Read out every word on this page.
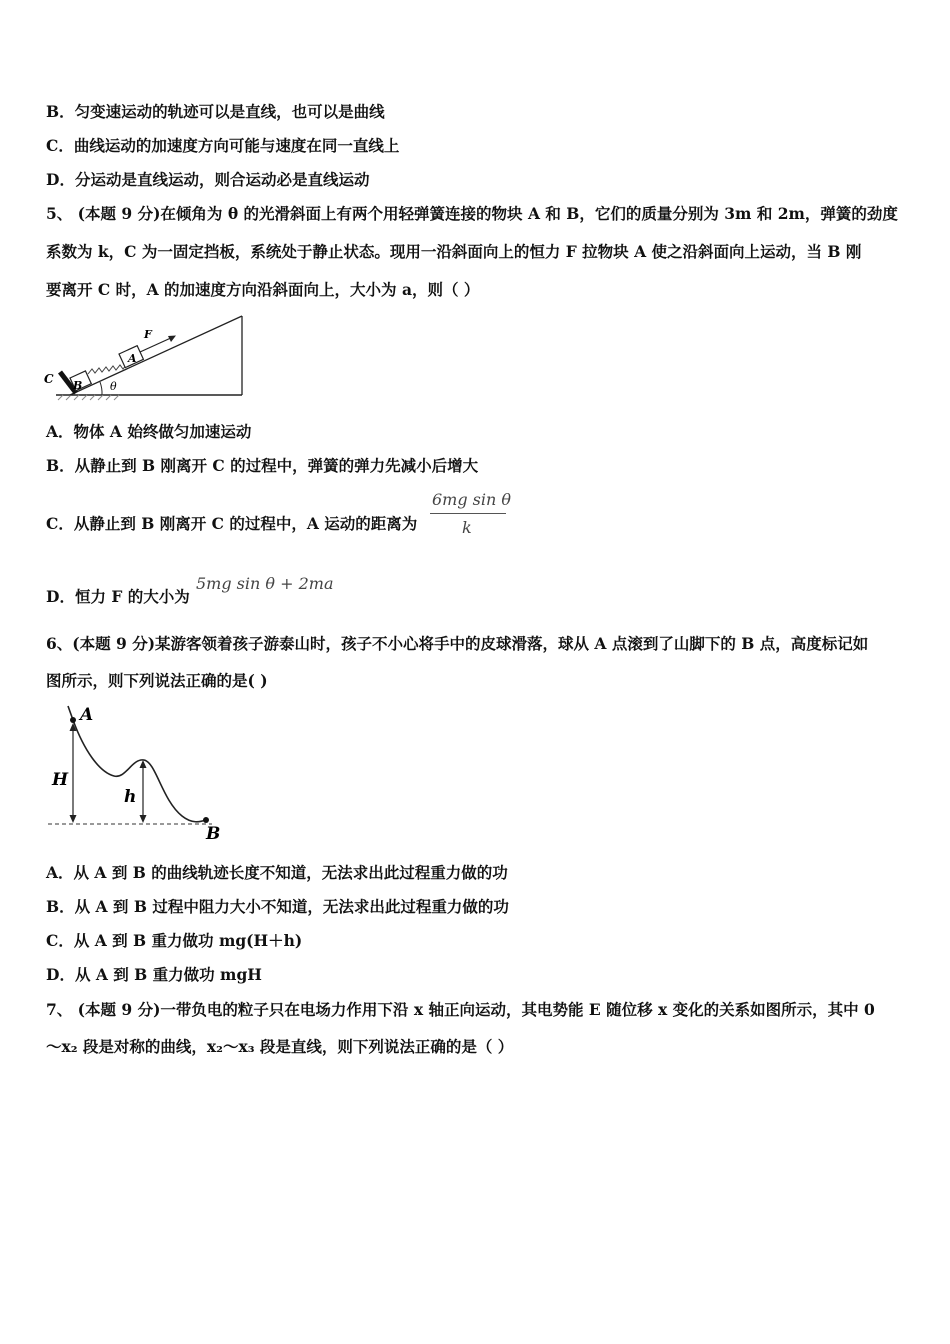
B．匀变速运动的轨迹可以是直线，也可以是曲线
C．曲线运动的加速度方向可能与速度在同一直线上
D．分运动是直线运动，则合运动必是直线运动
5、 (本题 9 分)在倾角为 θ 的光滑斜面上有两个用轻弹簧连接的物块 A 和 B，它们的质量分别为 3m 和 2m，弹簧的劲度
系数为 k，C 为一固定挡板，系统处于静止状态。现用一沿斜面向上的恒力 F 拉物块 A 使之沿斜面向上运动，当 B 刚
要离开 C 时，A 的加速度方向沿斜面向上，大小为 a，则（ ）
θ
C B
A
F
A．物体 A 始终做匀加速运动
B．从静止到 B 刚离开 C 的过程中，弹簧的弹力先减小后增大
C．从静止到 B 刚离开 C 的过程中，A 运动的距离为
6mg sin θ
k
D．恒力 F 的大小为
5mg sin θ + 2ma
6、(本题 9 分)某游客领着孩子游泰山时，孩子不小心将手中的皮球滑落，球从 A 点滚到了山脚下的 B 点，高度标记如
图所示，则下列说法正确的是( )
A
B
H
h
A．从 A 到 B 的曲线轨迹长度不知道，无法求出此过程重力做的功
B．从 A 到 B 过程中阻力大小不知道，无法求出此过程重力做的功
C．从 A 到 B 重力做功 mg(H＋h)
D．从 A 到 B 重力做功 mgH
7、 (本题 9 分)一带负电的粒子只在电场力作用下沿 x 轴正向运动，其电势能 E 随位移 x 变化的关系如图所示，其中 0
～x₂ 段是对称的曲线，x₂～x₃ 段是直线，则下列说法正确的是（ ）
